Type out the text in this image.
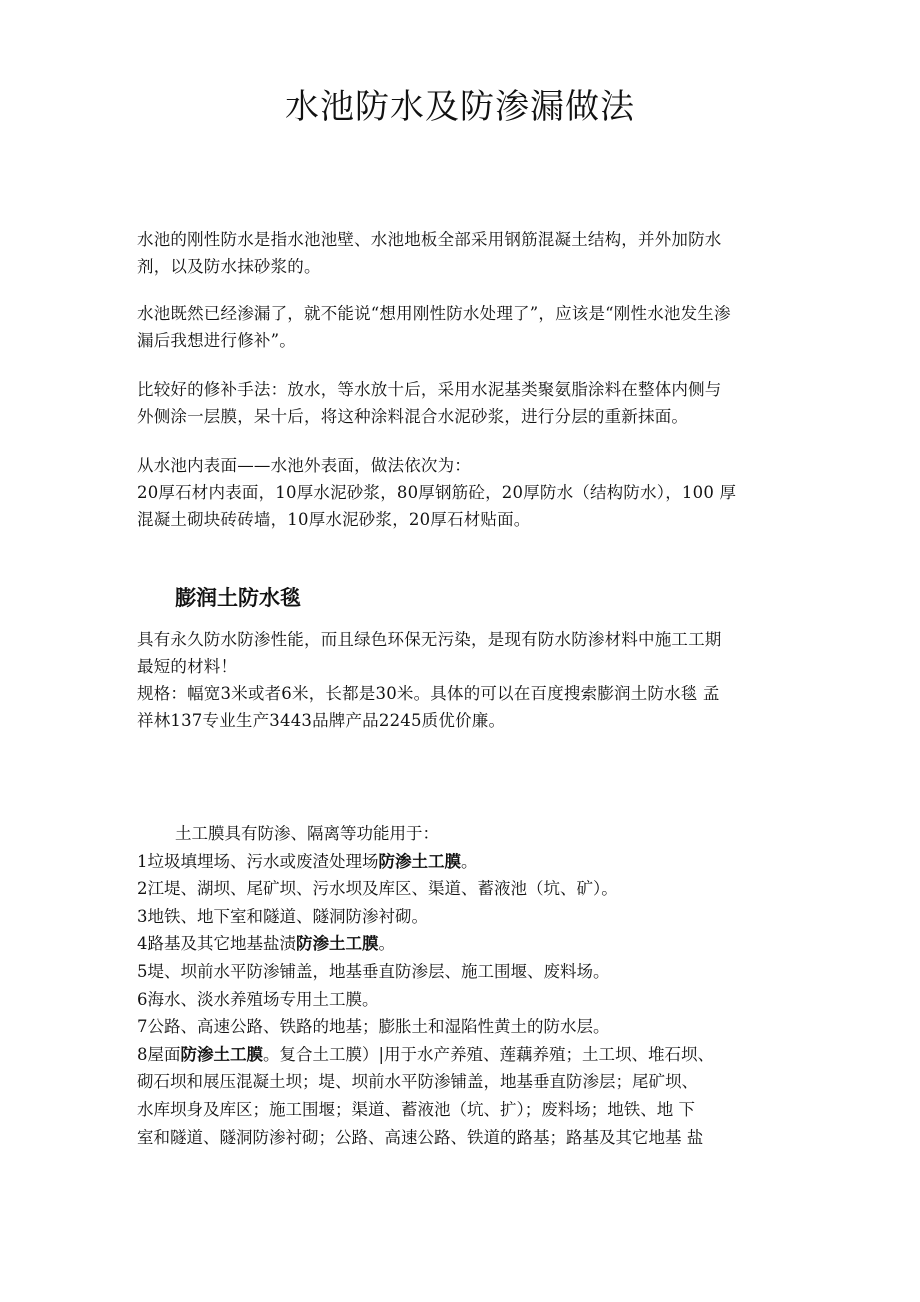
水池防水及防渗漏做法

水池的刚性防水是指水池池壁、水池地板全部采用钢筋混凝土结构，并外加防水
剂，以及防水抹砂浆的。

水池既然已经渗漏了，就不能说“想用刚性防水处理了”，应该是“刚性水池发生渗
漏后我想进行修补”。

比较好的修补手法：放水，等水放十后，采用水泥基类聚氨脂涂料在整体内侧与
外侧涂一层膜，呆十后，将这种涂料混合水泥砂浆，进行分层的重新抹面。

从水池内表面——水池外表面，做法依次为：
20厚石材内表面，10厚水泥砂浆，80厚钢筋砼，20厚防水（结构防水），100 厚
混凝土砌块砖砖墙，10厚水泥砂浆，20厚石材贴面。

膨润土防水毯

具有永久防水防渗性能，而且绿色环保无污染，是现有防水防渗材料中施工工期
最短的材料！
规格：幅宽3米或者6米，长都是30米。具体的可以在百度搜索膨润土防水毯 孟
祥林137专业生产3443品牌产品2245质优价廉。

土工膜具有防渗、隔离等功能用于：
1垃圾填埋场、污水或废渣处理场防渗土工膜。
2江堤、湖坝、尾矿坝、污水坝及库区、渠道、蓄液池（坑、矿）。
3地铁、地下室和隧道、隧洞防渗衬砌。
4路基及其它地基盐渍防渗土工膜。
5堤、坝前水平防渗铺盖，地基垂直防渗层、施工围堰、废料场。
6海水、淡水养殖场专用土工膜。
7公路、高速公路、铁路的地基；膨胀土和湿陷性黄土的防水层。
8屋面防渗土工膜。复合土工膜）|用于水产养殖、莲藕养殖；土工坝、堆石坝、
砌石坝和展压混凝土坝；堤、坝前水平防渗铺盖，地基垂直防渗层；尾矿坝、
水库坝身及库区；施工围堰；渠道、蓄液池（坑、扩）；废料场；地铁、地 下
室和隧道、隧洞防渗衬砌；公路、高速公路、铁道的路基；路基及其它地基 盐
